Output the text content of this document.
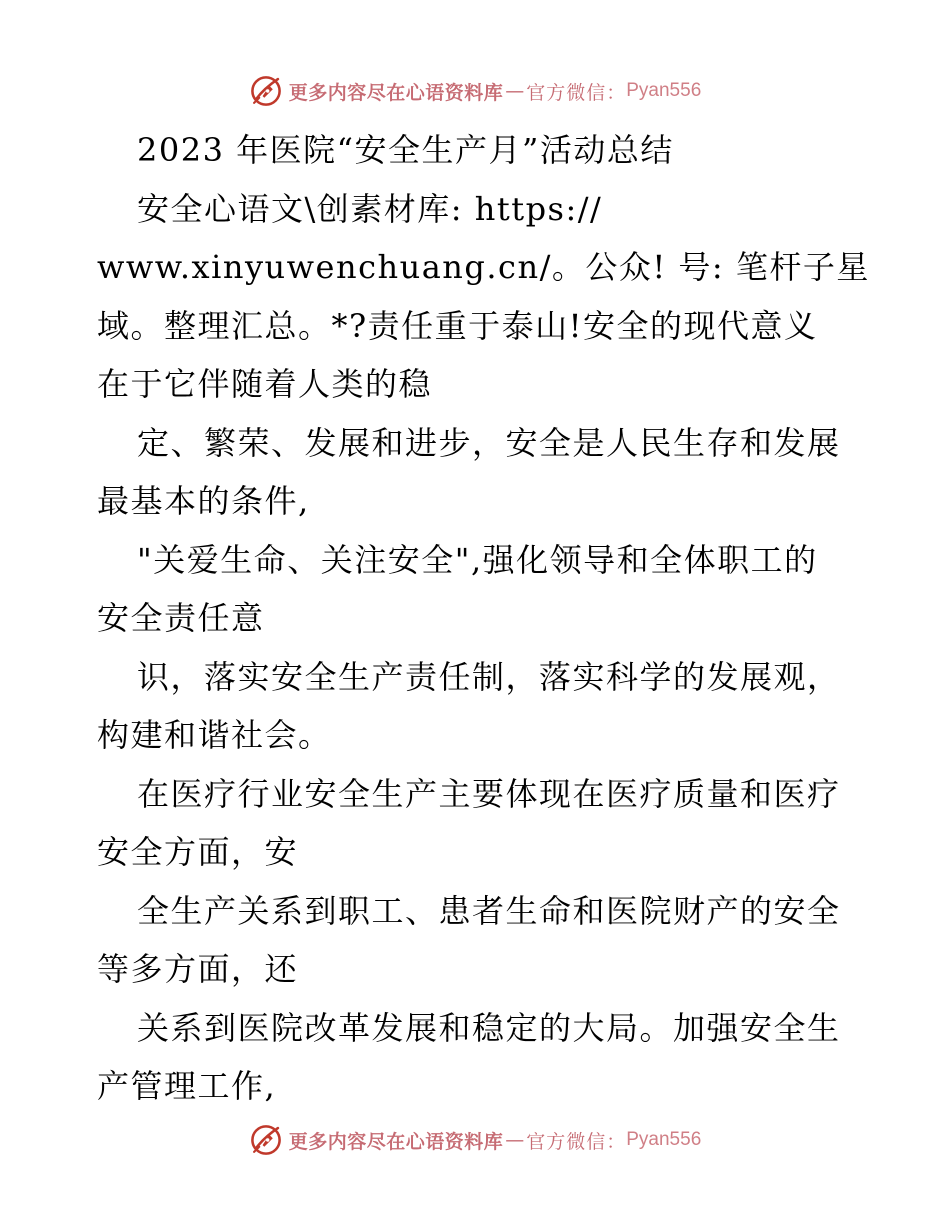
更多内容尽在心语资料库 — 官方微信： Pyan556
2023 年医院“安全生产月”活动总结
安全心语文\创素材库: https://
www.xinyuwenchuang.cn/。公众! 号: 笔杆子星
域。整理汇总。*?责任重于泰山!安全的现代意义
在于它伴随着人类的稳
定、繁荣、发展和进步，安全是人民生存和发展
最基本的条件,
"关爱生命、关注安全",强化领导和全体职工的
安全责任意
识，落实安全生产责任制，落实科学的发展观，
构建和谐社会。
在医疗行业安全生产主要体现在医疗质量和医疗
安全方面，安
全生产关系到职工、患者生命和医院财产的安全
等多方面，还
关系到医院改革发展和稳定的大局。加强安全生
产管理工作,
更多内容尽在心语资料库 — 官方微信： Pyan556
